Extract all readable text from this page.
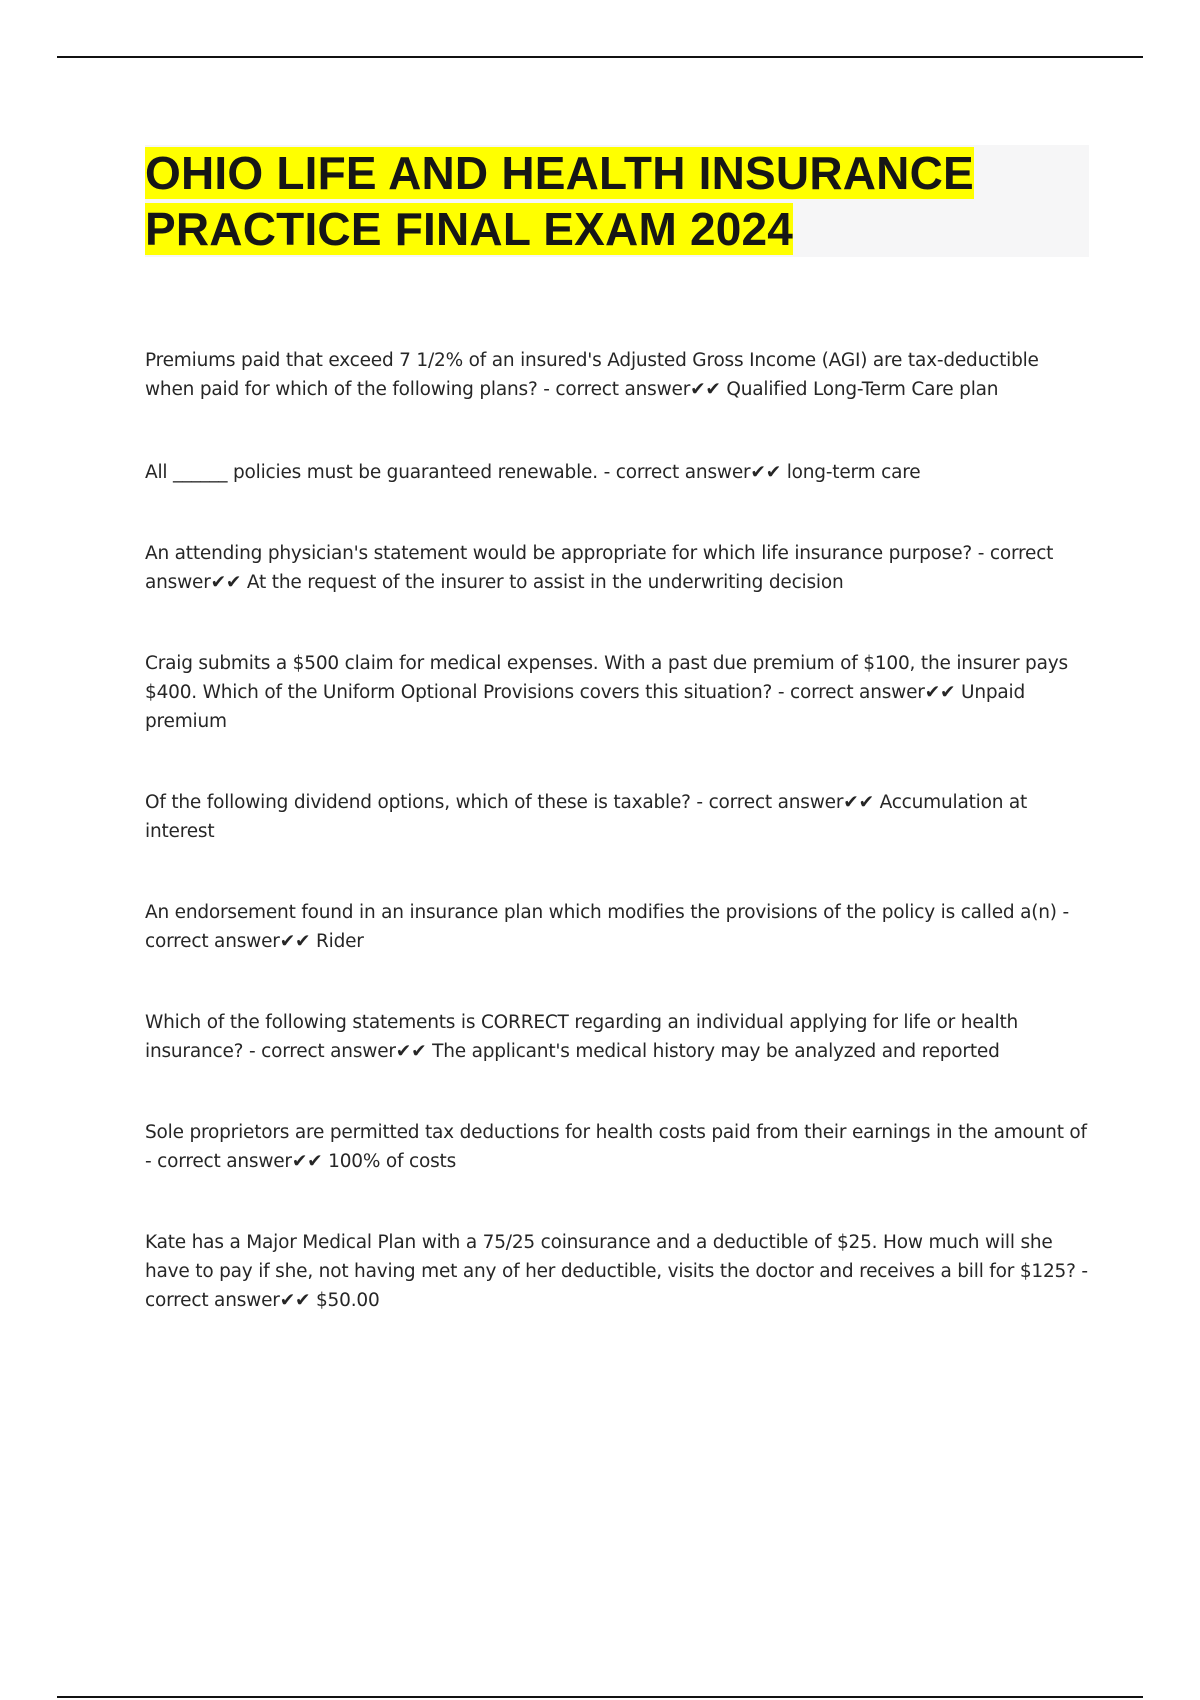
OHIO LIFE AND HEALTH INSURANCE
PRACTICE FINAL EXAM 2024

Premiums paid that exceed 7 1/2% of an insured's Adjusted Gross Income (AGI) are tax-deductible when paid for which of the following plans? - correct answer✔✔ Qualified Long-Term Care plan

All ______ policies must be guaranteed renewable. - correct answer✔✔ long-term care

An attending physician's statement would be appropriate for which life insurance purpose? - correct answer✔✔ At the request of the insurer to assist in the underwriting decision

Craig submits a $500 claim for medical expenses. With a past due premium of $100, the insurer pays $400. Which of the Uniform Optional Provisions covers this situation? - correct answer✔✔ Unpaid premium

Of the following dividend options, which of these is taxable? - correct answer✔✔ Accumulation at interest

An endorsement found in an insurance plan which modifies the provisions of the policy is called a(n) - correct answer✔✔ Rider

Which of the following statements is CORRECT regarding an individual applying for life or health insurance? - correct answer✔✔ The applicant's medical history may be analyzed and reported

Sole proprietors are permitted tax deductions for health costs paid from their earnings in the amount of - correct answer✔✔ 100% of costs

Kate has a Major Medical Plan with a 75/25 coinsurance and a deductible of $25. How much will she have to pay if she, not having met any of her deductible, visits the doctor and receives a bill for $125? - correct answer✔✔ $50.00
